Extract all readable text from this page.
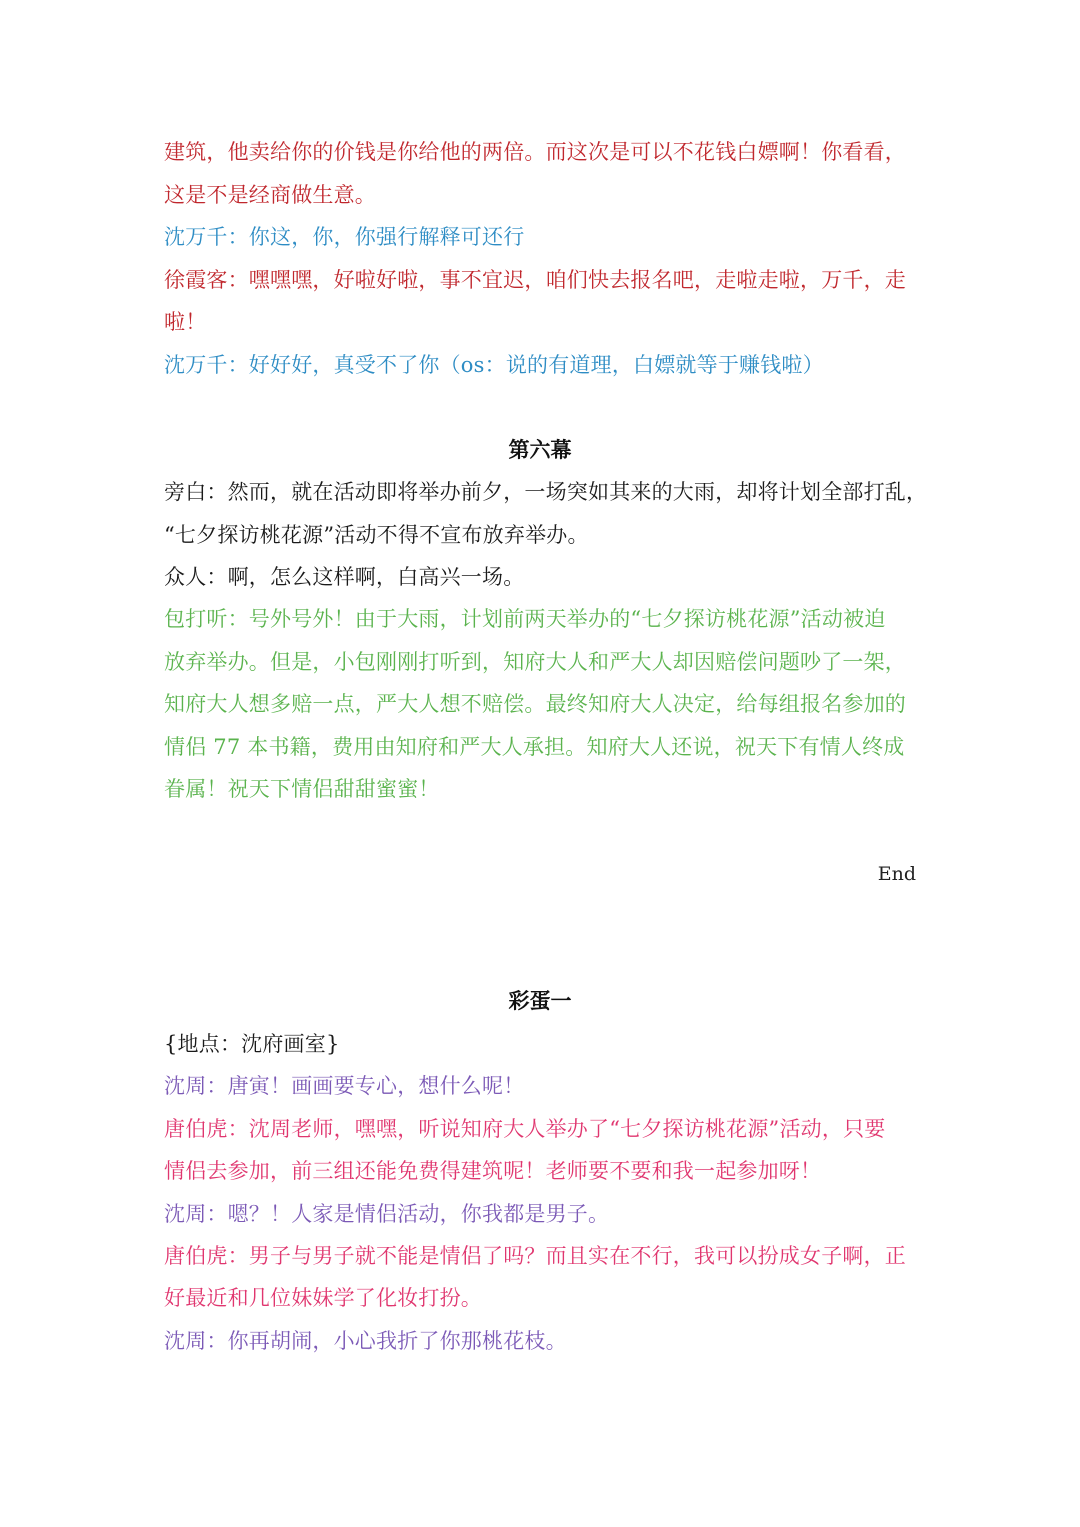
建筑，他卖给你的价钱是你给他的两倍。而这次是可以不花钱白嫖啊！你看看，
这是不是经商做生意。
沈万千：你这，你，你强行解释可还行
徐霞客：嘿嘿嘿，好啦好啦，事不宜迟，咱们快去报名吧，走啦走啦，万千，走
啦！
沈万千：好好好，真受不了你（os：说的有道理，白嫖就等于赚钱啦）
第六幕
旁白：然而，就在活动即将举办前夕，一场突如其来的大雨，却将计划全部打乱，
“七夕探访桃花源”活动不得不宣布放弃举办。
众人：啊，怎么这样啊，白高兴一场。
包打听：号外号外！由于大雨，计划前两天举办的“七夕探访桃花源”活动被迫
放弃举办。但是，小包刚刚打听到，知府大人和严大人却因赔偿问题吵了一架，
知府大人想多赔一点，严大人想不赔偿。最终知府大人决定，给每组报名参加的
情侣 77 本书籍，费用由知府和严大人承担。知府大人还说，祝天下有情人终成
眷属！祝天下情侣甜甜蜜蜜！
End
彩蛋一
{地点：沈府画室}
沈周：唐寅！画画要专心，想什么呢！
唐伯虎：沈周老师，嘿嘿，听说知府大人举办了“七夕探访桃花源”活动，只要
情侣去参加，前三组还能免费得建筑呢！老师要不要和我一起参加呀！
沈周：嗯？！人家是情侣活动，你我都是男子。
唐伯虎：男子与男子就不能是情侣了吗？而且实在不行，我可以扮成女子啊，正
好最近和几位妹妹学了化妆打扮。
沈周：你再胡闹，小心我折了你那桃花枝。
